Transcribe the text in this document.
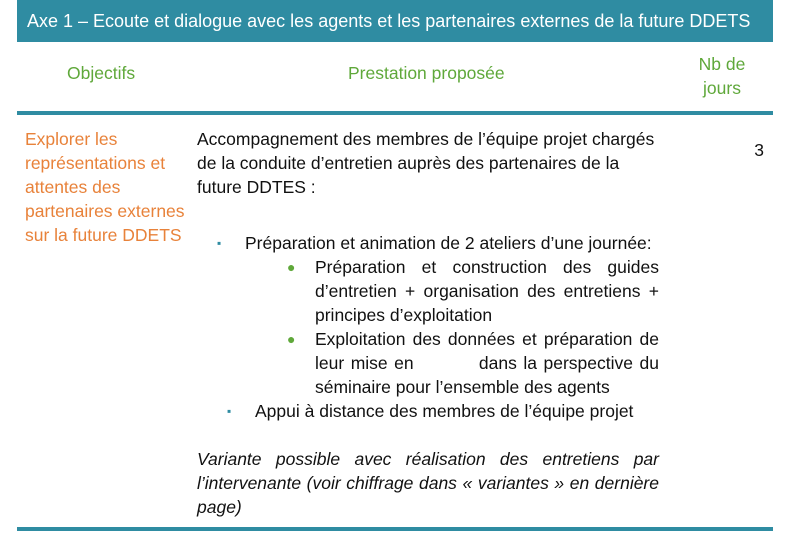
Axe 1 – Ecoute et dialogue avec les agents et les partenaires externes de la future DDETS
Objectifs	Prestation proposée	Nb de
jours
Explorer les représentations et attentes des partenaires externes sur la future DDETS

Accompagnement des membres de l’équipe projet chargés de la conduite d’entretien auprès des partenaires de la future DDTES :

▪ Préparation et animation de 2 ateliers d’une journée:

● Préparation et construction des guides d’entretien + organisation des entretiens + principes d’exploitation

● Exploitation des données et préparation de leur mise en          dans la perspective du séminaire pour l’ensemble des agents

▪ Appui à distance des membres de l’équipe projet

Variante possible avec réalisation des entretiens par l’intervenante (voir chiffrage dans « variantes » en dernière page)

3
